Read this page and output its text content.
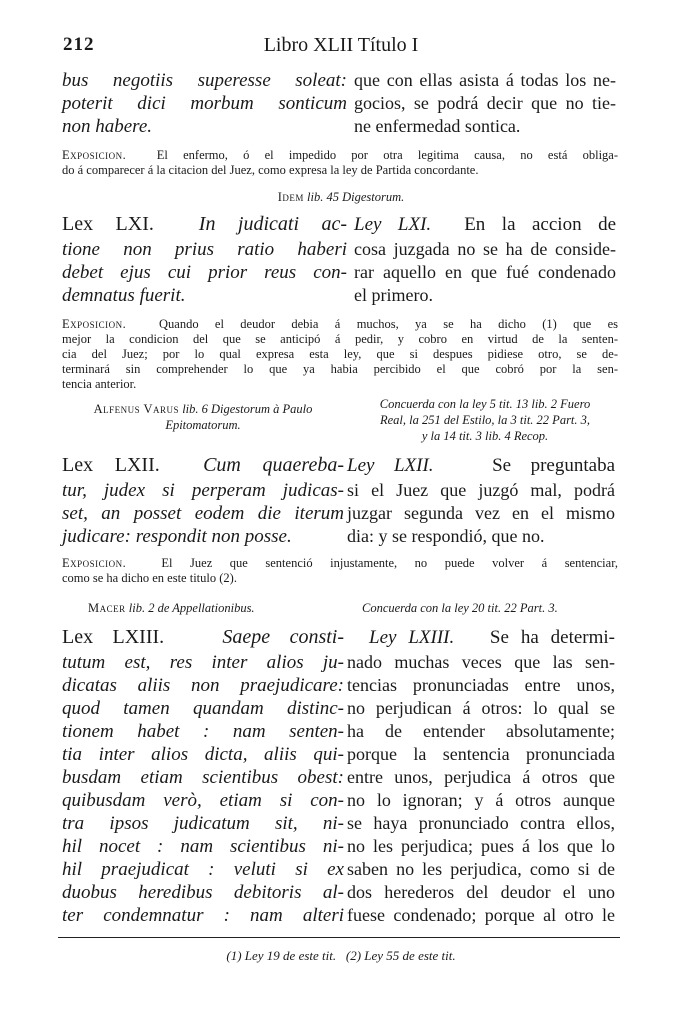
212	Libro XLII Título I
bus negotiis superesse soleat:
poterit dici morbum sonticum
non habere.
que con ellas asista á todas los ne-
gocios, se podrá decir que no tie-
ne enfermedad sontica.
Exposicion. El enfermo, ó el impedido por otra legitima causa, no está obliga-
do á comparecer á la citacion del Juez, como expresa la ley de Partida concordante.
Idem lib. 45 Digestorum.
Lex LXI. In judicati ac-
tione non prius ratio haberi
debet ejus cui prior reus con-
demnatus fuerit.
Ley LXI. En la accion de
cosa juzgada no se ha de conside-
rar aquello en que fué condenado
el primero.
Exposicion.	Quando el deudor debia á muchos, ya se ha dicho (1) que es
mejor la condicion del que se anticipó á pedir, y cobro en virtud de la senten-
cia del Juez; por lo qual expresa esta ley, que si despues pidiese otro, se de-
terminará sin comprehender lo que ya habia percibido el que cobró por la sen-
tencia anterior.
Alfenus Varus lib. 6 Digestorum à Paulo
Epitomatorum.
Concuerda con la ley 5 tit. 13 lib. 2 Fuero
Real, la 251 del Estilo, la 3 tit. 22 Part. 3,
y la 14 tit. 3 lib. 4 Recop.
Lex LXII. Cum quaereba-
tur, judex si perperam judicas-
set, an posset eodem die iterum
judicare: respondit non posse.
Ley LXII.	Se preguntaba
si el Juez que juzgó mal, podrá
juzgar segunda vez en el mismo
dia: y se respondió, que no.
Exposicion.	El Juez que sentenció injustamente, no puede volver á sentenciar,
como se ha dicho en este titulo (2).
Macer lib. 2 de Appellationibus.	Concuerda con la ley 20 tit. 22 Part. 3.
Lex LXIII.	Saepe consti-
tutum est, res inter alios ju-
dicatas aliis non praejudicare:
quod tamen quandam distinc-
tionem habet : nam senten-
tia inter alios dicta, aliis qui-
busdam etiam scientibus obest:
quibusdam verò, etiam si con-
tra ipsos judicatum sit, ni-
hil nocet : nam scientibus ni-
hil praejudicat : veluti si ex
duobus heredibus debitoris al-
ter condemnatur : nam alteri
Ley LXIII. Se ha determi-
nado muchas veces que las sen-
tencias pronunciadas entre unos,
no perjudican á otros: lo qual se
ha de entender absolutamente;
porque la sentencia pronunciada
entre unos, perjudica á otros que
no lo ignoran; y á otros aunque
se haya pronunciado contra ellos,
no les perjudica; pues á los que lo
saben no les perjudica, como si de
dos herederos del deudor el uno
fuese condenado; porque al otro le
(1) Ley 19 de este tit. (2) Ley 55 de este tit.
